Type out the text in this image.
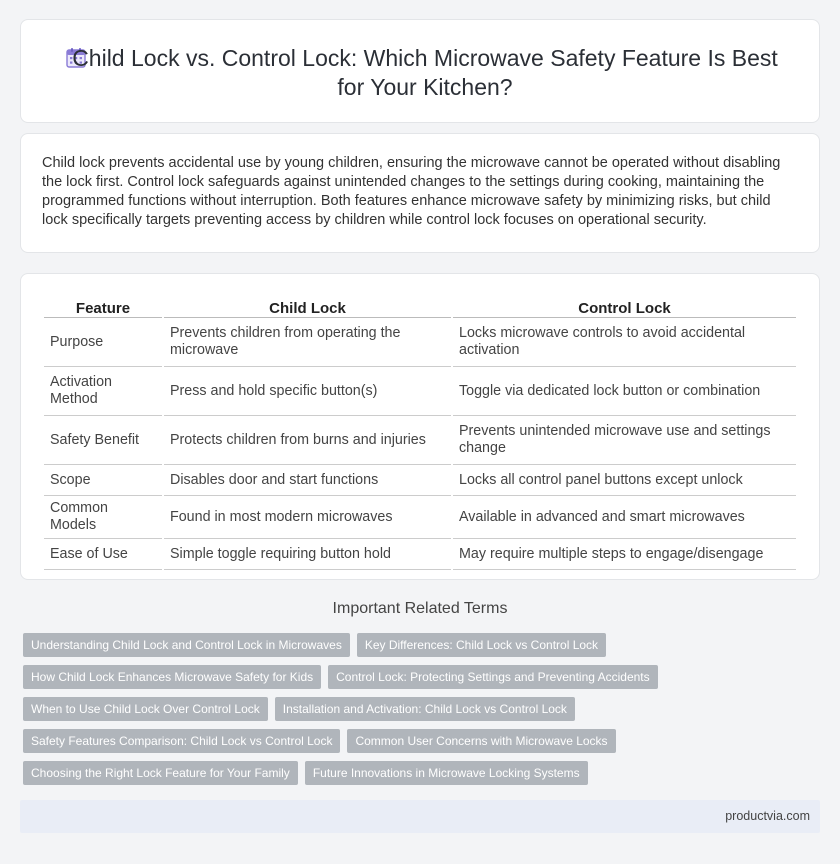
Child Lock vs. Control Lock: Which Microwave Safety Feature Is Best for Your Kitchen?

Child lock prevents accidental use by young children, ensuring the microwave cannot be operated without disabling the lock first. Control lock safeguards against unintended changes to the settings during cooking, maintaining the programmed functions without interruption. Both features enhance microwave safety by minimizing risks, but child lock specifically targets preventing access by children while control lock focuses on operational security.

Feature	Child Lock	Control Lock
Purpose	Prevents children from operating the microwave	Locks microwave controls to avoid accidental activation
Activation Method	Press and hold specific button(s)	Toggle via dedicated lock button or combination
Safety Benefit	Protects children from burns and injuries	Prevents unintended microwave use and settings change
Scope	Disables door and start functions	Locks all control panel buttons except unlock
Common Models	Found in most modern microwaves	Available in advanced and smart microwaves
Ease of Use	Simple toggle requiring button hold	May require multiple steps to engage/disengage
Important Related Terms
Understanding Child Lock and Control Lock in Microwaves	Key Differences: Child Lock vs Control Lock
How Child Lock Enhances Microwave Safety for Kids	Control Lock: Protecting Settings and Preventing Accidents
When to Use Child Lock Over Control Lock	Installation and Activation: Child Lock vs Control Lock
Safety Features Comparison: Child Lock vs Control Lock	Common User Concerns with Microwave Locks
Choosing the Right Lock Feature for Your Family	Future Innovations in Microwave Locking Systems
productvia.com
